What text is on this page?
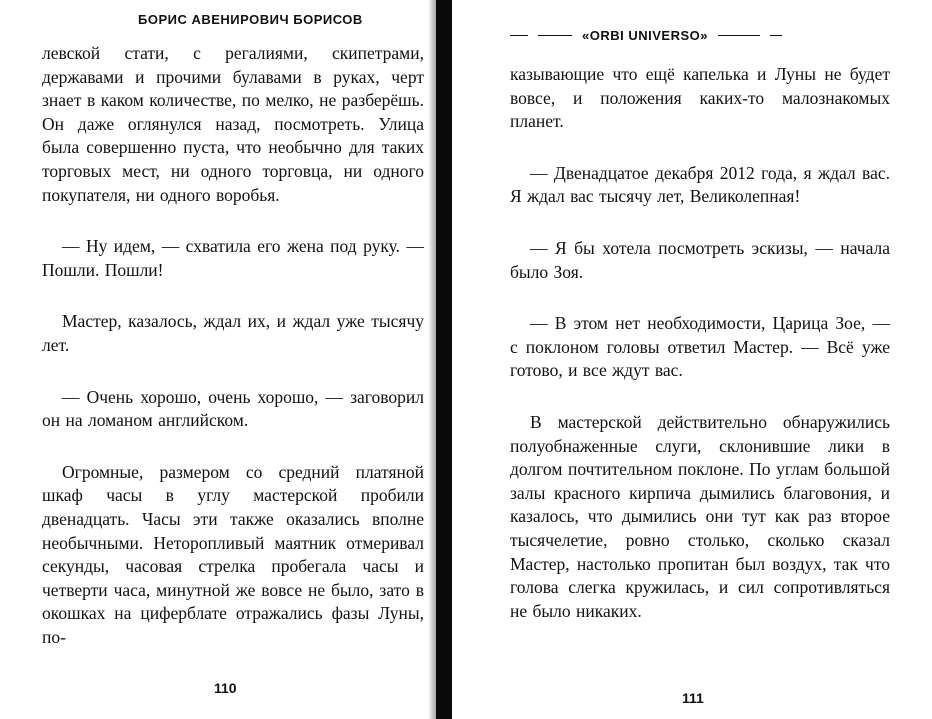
БОРИС АВЕНИРОВИЧ БОРИСОВ

левской стати, с регалиями, скипетрами, державами и прочими булавами в руках, черт знает в каком количестве, по мелко, не разберёшь. Он даже оглянулся назад, посмотреть. Улица была совершенно пуста, что необычно для таких торговых мест, ни одного торговца, ни одного покупателя, ни одного воробья.

— Ну идем, — схватила его жена под руку. — Пошли. Пошли!

Мастер, казалось, ждал их, и ждал уже тысячу лет.

— Очень хорошо, очень хорошо, — заговорил он на ломаном английском.

Огромные, размером со средний платяной шкаф часы в углу мастерской пробили двенадцать. Часы эти также оказались вполне необычными. Неторопливый маятник отмеривал секунды, часовая стрелка пробегала часы и четверти часа, минутной же вовсе не было, зато в окошках на циферблате отражались фазы Луны, по-

110
«ORBI UNIVERSO»

казывающие что ещё капелька и Луны не будет вовсе, и положения каких-то малознакомых планет.

— Двенадцатое декабря 2012 года, я ждал вас. Я ждал вас тысячу лет, Великолепная!

— Я бы хотела посмотреть эскизы, — начала было Зоя.

— В этом нет необходимости, Царица Зое, — с поклоном головы ответил Мастер. — Всё уже готово, и все ждут вас.

В мастерской действительно обнаружились полуобнаженные слуги, склонившие лики в долгом почтительном поклоне. По углам большой залы красного кирпича дымились благовония, и казалось, что дымились они тут как раз второе тысячелетие, ровно столько, сколько сказал Мастер, настолько пропитан был воздух, так что голова слегка кружилась, и сил сопротивляться не было никаких.

111
